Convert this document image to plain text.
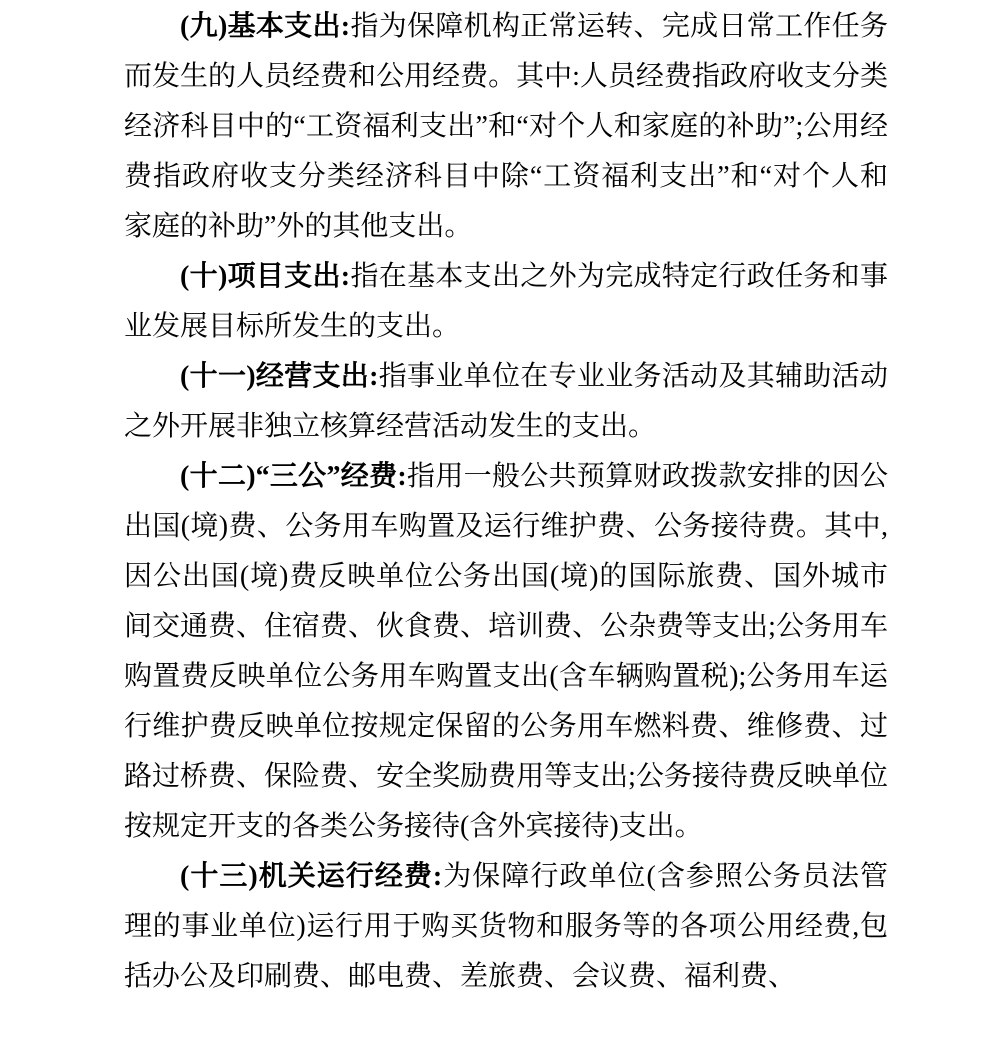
(九)基本支出:指为保障机构正常运转、完成日常工作任务而发生的人员经费和公用经费。其中:人员经费指政府收支分类经济科目中的“工资福利支出”和“对个人和家庭的补助”;公用经费指政府收支分类经济科目中除“工资福利支出”和“对个人和家庭的补助”外的其他支出。

(十)项目支出:指在基本支出之外为完成特定行政任务和事业发展目标所发生的支出。

(十一)经营支出:指事业单位在专业业务活动及其辅助活动之外开展非独立核算经营活动发生的支出。

(十二)“三公”经费:指用一般公共预算财政拨款安排的因公出国(境)费、公务用车购置及运行维护费、公务接待费。其中,因公出国(境)费反映单位公务出国(境)的国际旅费、国外城市间交通费、住宿费、伙食费、培训费、公杂费等支出;公务用车购置费反映单位公务用车购置支出(含车辆购置税);公务用车运行维护费反映单位按规定保留的公务用车燃料费、维修费、过路过桥费、保险费、安全奖励费用等支出;公务接待费反映单位按规定开支的各类公务接待(含外宾接待)支出。

(十三)机关运行经费:为保障行政单位(含参照公务员法管理的事业单位)运行用于购买货物和服务等的各项公用经费,包括办公及印刷费、邮电费、差旅费、会议费、福利费、
